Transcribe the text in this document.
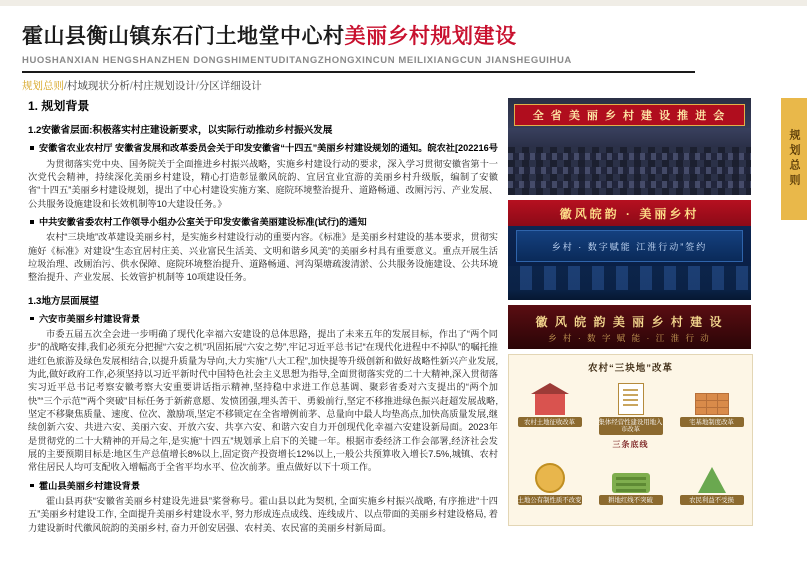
霍山县衡山镇东石门土地堂中心村美丽乡村规划建设
HUOSHANXIAN HENGSHANZHEN DONGSHIMENTUDITANGZHONGXINCUN MEILIXIANGCUN JIANSHEGUIHUA
规划总则/村域现状分析/村庄规划设计/分区详细设计
1. 规划背景
1.2安徽省层面:积极落实村庄建设新要求，以实际行动推动乡村振兴发展
安徽省农业农村厅 安徽省发展和改革委员会关于印发安徽省“十四五”美丽乡村建设规划的通知。皖农社[202216号
为贯彻落实党中央、国务院关于全面推进乡村振兴战略，实施乡村建设行动的要求，深入学习贯彻安徽省第十一次党代会精神，持续深化美丽乡村建设，精心打造彰显徽风皖韵、宜居宜业宜游的美丽乡村升级版，编制了安徽省“十四五”美丽乡村建设规划，提出了中心村建设实施方案、庭院环境整治提升、道路畅通、改厕污污、产业发展、公共服务设施建设和长效机制等10大建设任务。》
中共安徽省委农村工作领导小组办公室关于印发安徽省美丽建设标准(试行)的通知
农村“三块地”改革建设美丽乡村，是实施乡村建设行动的重要内容。《标准》是美丽乡村建设的基本要求，贯彻实施好《标准》对建设“生态宜居村庄美、兴业富民生活美、文明和谐乡风美”的美丽乡村具有重要意义。重点开展生活垃圾治理、改厕治污、供水保障、庭院环境整治提升、道路畅通、河沟渠塘疏浚清淤、公共服务设施建设、公共环境整治提升、产业发展、长效管护机制等 10项建设任务。
1.3地方层面展望
六安市美丽乡村建设背景
市委五届五次全会进一步明确了现代化幸福六安建设的总体思路，提出了未来五年的发展目标，作出了“两个同步”的战略安排,我们必须充分把握“六安之机”巩固拓展“六安之势”,牢记习近平总书记“在现代化进程中不掉队”的嘱托推进红色旅游及绿色发展相结合,以提升质量为导向,大力实施“八大工程”,加快提等升级创新和做好战略性新兴产业发展,为此,做好政府工作,必须坚持以习近平新时代中国特色社会主义思想为指导,全面贯彻落实党的二十大精神,深入贯彻落实习近平总书记考察安徽考察大安重要讲话指示精神,坚持稳中求进工作总基调、聚彩省委对六支提出的“两个加快”“三个示范”“两个突破”目标任务于新薪意愿、发愤团强,埋头苦干、勇毅前行,坚定不移推进绿色振兴赶超发展战略,坚定不移聚焦质量、速度、位次、激励项,坚定不移锁定在全省增例前茅、总量向中最人均垫高点,加快高质量发展,继续创新六安、共进六安、美丽六安、开放六安、共享六安、和谐六安自力开创现代化幸福六安建设新局面。2023年是贯彻党的二十大精神的开局之年,是实施“十四五”规划承上启下的关键一年。根据市委经济工作会部署,经济社会发展的主要预期目标是:地区生产总值增长8%以上,固定资产投资增长12%以上,一般公共预算收入增长7.5%,城镇、农村常住居民人均可支配收入增幅高于全省平均水平、位次前茅。重点做好以下十项工作。
霍山县美丽乡村建设背景
霍山县再获“安徽省美丽乡村建设先进县”桨誉称号。霍山县以此为契机, 全面实施乡村振兴战略, 有序推进“十四五”美丽乡村建设工作, 全面提升美丽乡村建设水平, 努力形成连点成线、连线成片、以点带面的美丽乡村建设格局, 着力建设新时代徽风皖韵的美丽乡村, 奋力开创安居强、农村美、农民富的美丽乡村新局面。
全 省 美 丽 乡 村 建 设 推 进 会
徽风皖韵 · 美丽乡村
乡村 · 数字赋能 江淮行动”签约
徽 风 皖 韵 美 丽 乡 村 建 设
乡 村 · 数 字 赋 能 · 江 淮 行 动
农村“三块地”改革
农村土地征收改革	集体经营性建设用地入市改革
宅基地制度改革
三条底线
土地公有制性质不改变	耕地红线不突破	农民利益不受损
规划总则
